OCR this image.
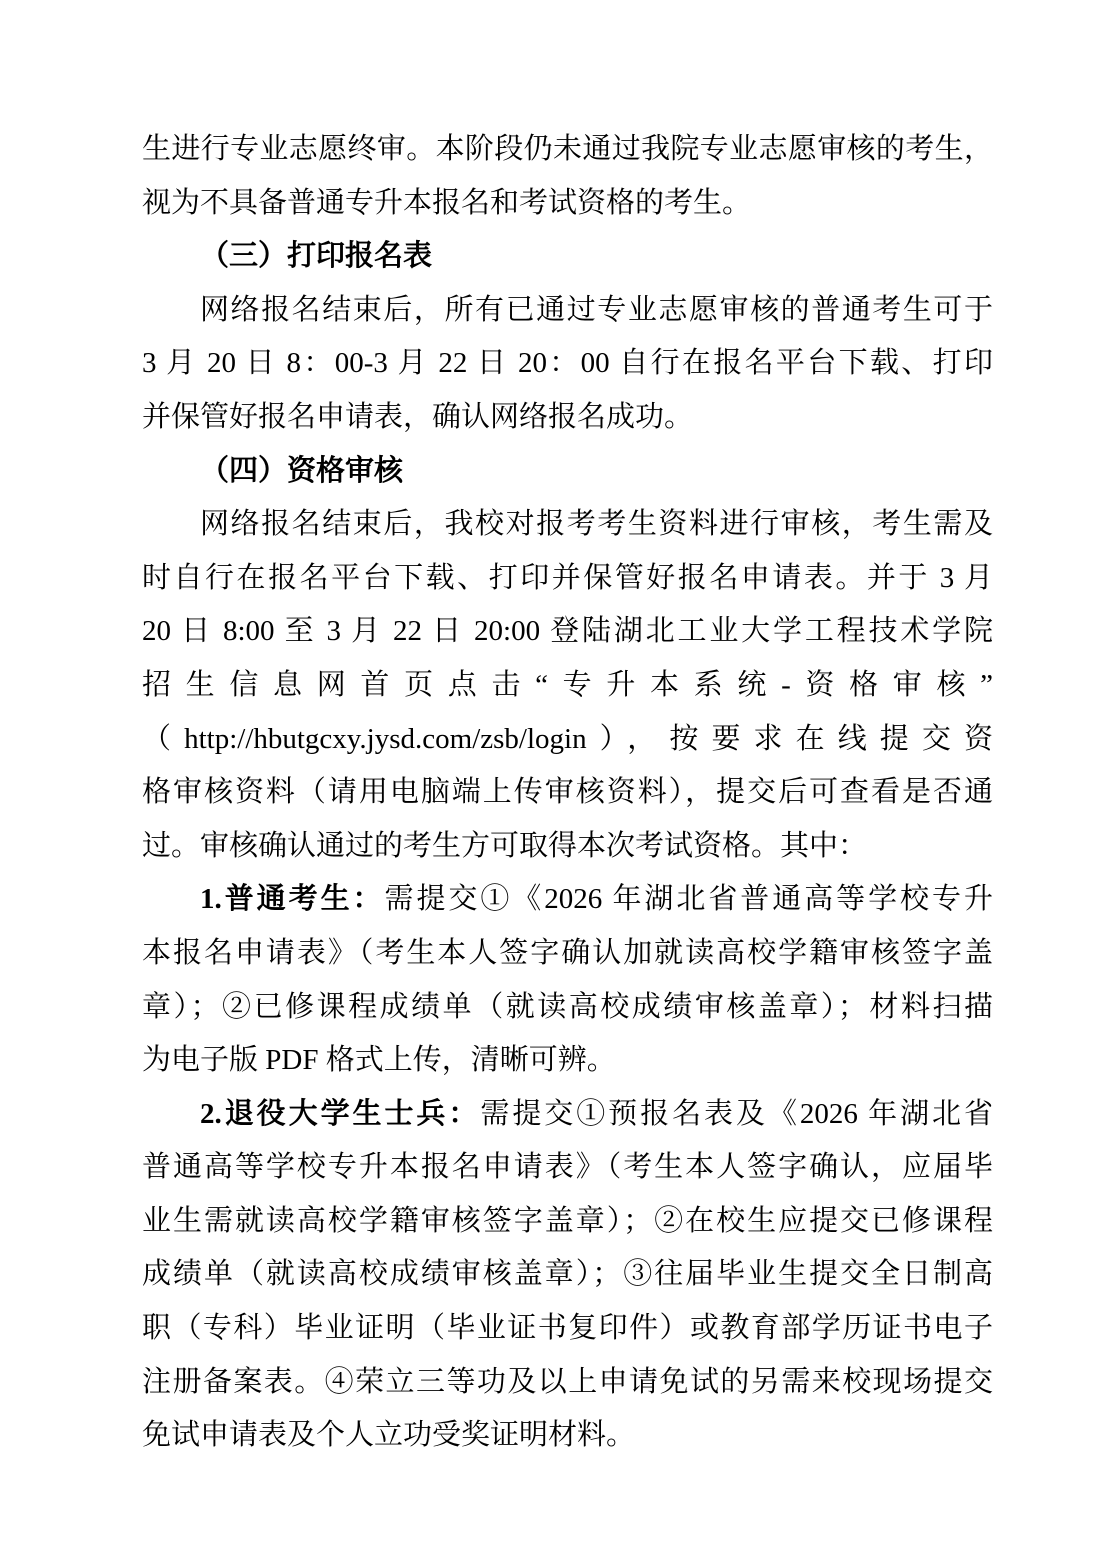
生进行专业志愿终审。本阶段仍未通过我院专业志愿审核的考生，
视为不具备普通专升本报名和考试资格的考生。
（三）打印报名表
网络报名结束后，所有已通过专业志愿审核的普通考生可于
3 月 20 日 8：00-3 月 22 日 20：00 自行在报名平台下载、打印
并保管好报名申请表，确认网络报名成功。
（四）资格审核
网络报名结束后，我校对报考考生资料进行审核，考生需及
时自行在报名平台下载、打印并保管好报名申请表。并于 3 月
20 日 8:00 至 3 月 22 日 20:00 登陆湖北工业大学工程技术学院
招生信息网首页点击“专升本系统-资格审核”
（http://hbutgcxy.jysd.com/zsb/login），按要求在线提交资
格审核资料（请用电脑端上传审核资料），提交后可查看是否通
过。审核确认通过的考生方可取得本次考试资格。其中：
1.普通考生：需提交①《2026 年湖北省普通高等学校专升
本报名申请表》（考生本人签字确认加就读高校学籍审核签字盖
章）；②已修课程成绩单（就读高校成绩审核盖章）；材料扫描
为电子版 PDF 格式上传，清晰可辨。
2.退役大学生士兵：需提交①预报名表及《2026 年湖北省
普通高等学校专升本报名申请表》（考生本人签字确认，应届毕
业生需就读高校学籍审核签字盖章）；②在校生应提交已修课程
成绩单（就读高校成绩审核盖章）；③往届毕业生提交全日制高
职（专科）毕业证明（毕业证书复印件）或教育部学历证书电子
注册备案表。④荣立三等功及以上申请免试的另需来校现场提交
免试申请表及个人立功受奖证明材料。
